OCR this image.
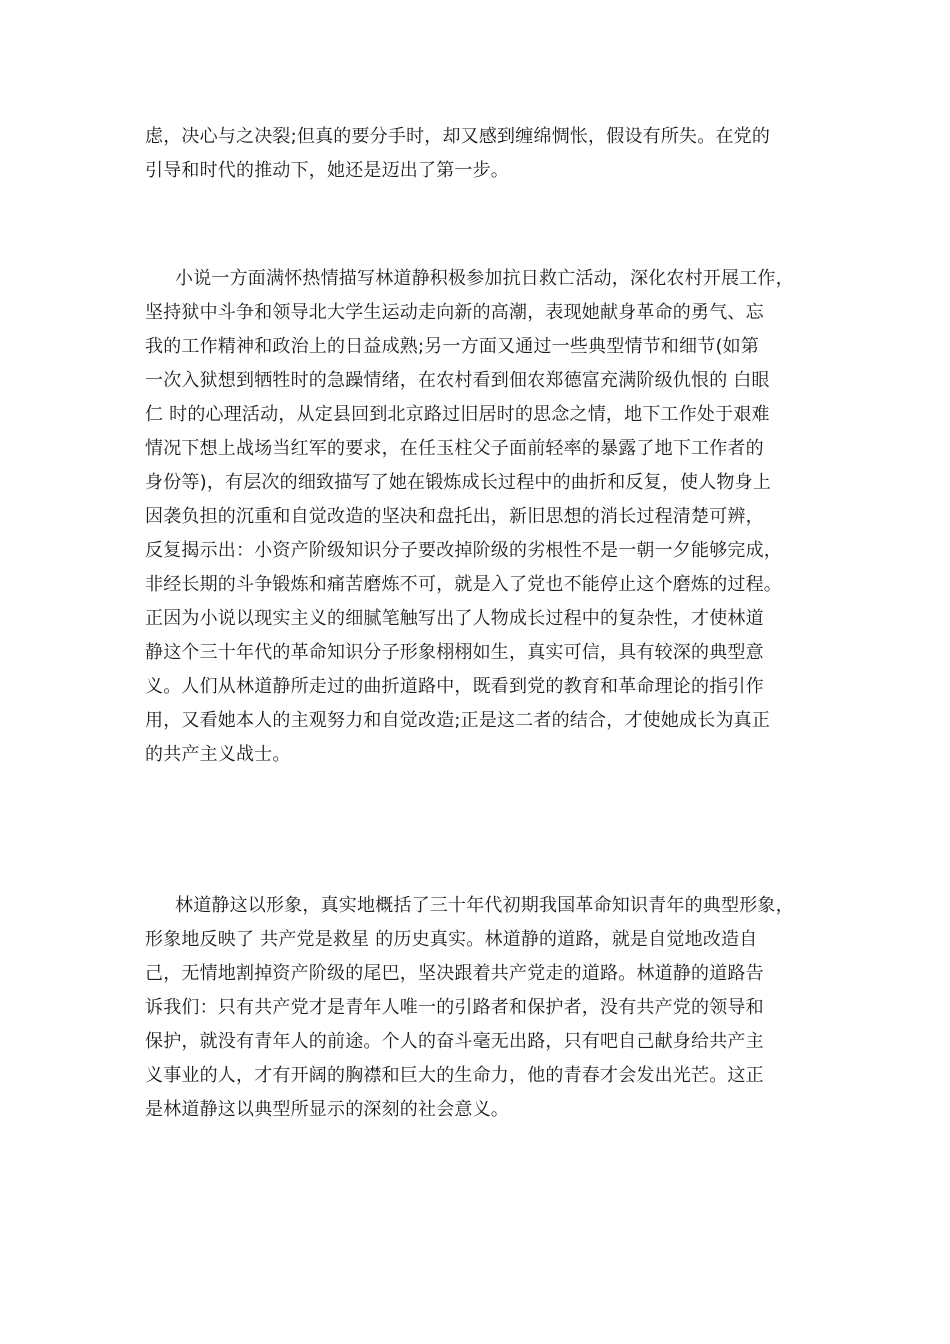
虑，决心与之决裂;但真的要分手时，却又感到缠绵惆怅，假设有所失。在党的
引导和时代的推动下，她还是迈出了第一步。
小说一方面满怀热情描写林道静积极参加抗日救亡活动，深化农村开展工作，
坚持狱中斗争和领导北大学生运动走向新的高潮，表现她献身革命的勇气、忘
我的工作精神和政治上的日益成熟;另一方面又通过一些典型情节和细节(如第
一次入狱想到牺牲时的急躁情绪，在农村看到佃农郑德富充满阶级仇恨的 白眼
仁 时的心理活动，从定县回到北京路过旧居时的思念之情，地下工作处于艰难
情况下想上战场当红军的要求，在任玉柱父子面前轻率的暴露了地下工作者的
身份等)，有层次的细致描写了她在锻炼成长过程中的曲折和反复，使人物身上
因袭负担的沉重和自觉改造的坚决和盘托出，新旧思想的消长过程清楚可辨，
反复揭示出：小资产阶级知识分子要改掉阶级的劣根性不是一朝一夕能够完成，
非经长期的斗争锻炼和痛苦磨炼不可，就是入了党也不能停止这个磨炼的过程。
正因为小说以现实主义的细腻笔触写出了人物成长过程中的复杂性，才使林道
静这个三十年代的革命知识分子形象栩栩如生，真实可信，具有较深的典型意
义。人们从林道静所走过的曲折道路中，既看到党的教育和革命理论的指引作
用，又看她本人的主观努力和自觉改造;正是这二者的结合，才使她成长为真正
的共产主义战士。
林道静这以形象，真实地概括了三十年代初期我国革命知识青年的典型形象，
形象地反映了 共产党是救星 的历史真实。林道静的道路，就是自觉地改造自
己，无情地割掉资产阶级的尾巴，坚决跟着共产党走的道路。林道静的道路告
诉我们：只有共产党才是青年人唯一的引路者和保护者，没有共产党的领导和
保护，就没有青年人的前途。个人的奋斗毫无出路，只有吧自己献身给共产主
义事业的人，才有开阔的胸襟和巨大的生命力，他的青春才会发出光芒。这正
是林道静这以典型所显示的深刻的社会意义。
